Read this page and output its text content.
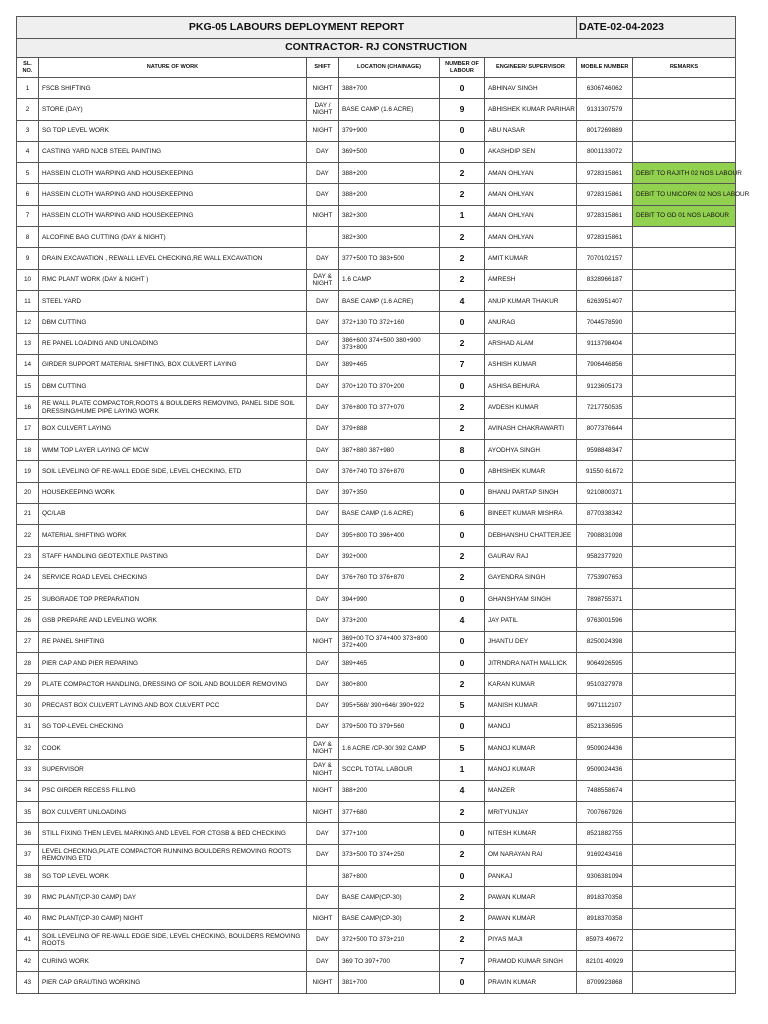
PKG-05 LABOURS DEPLOYMENT REPORT						DATE-02-04-2023	
CONTRACTOR- RJ CONSTRUCTION							
SL. NO.	NATURE OF WORK	SHIFT	LOCATION (CHAINAGE)	NUMBER OF LABOUR	ENGINEER/ SUPERVISOR	MOBILE NUMBER	REMARKS
1	FSCB SHIFTING	NIGHT	388+700	0	ABHINAV SINGH	6306746062	
2	STORE (DAY)	DAY / NIGHT	BASE CAMP (1.6 ACRE)	9	ABHISHEK KUMAR PARIHAR	9131307579	
3	SG TOP LEVEL WORK	NIGHT	379+900	0	ABU NASAR	8017269889	
4	CASTING YARD NJCB STEEL PAINTING	DAY	369+500	0	AKASHDIP SEN	8001133072	
5	HASSEIN CLOTH WARPING AND HOUSEKEEPING	DAY	388+200	2	AMAN OHLYAN	9728315861	DEBIT TO RAJITH 02 NOS LABOUR
6	HASSEIN CLOTH WARPING AND HOUSEKEEPING	DAY	388+200	2	AMAN OHLYAN	9728315861	DEBIT TO UNICORN 02 NOS LABOUR
7	HASSEIN CLOTH WARPING AND HOUSEKEEPING	NIGHT	382+300	1	AMAN OHLYAN	9728315861	DEBIT TO GD 01 NOS LABOUR
8	ALCOFINE BAG CUTTING (DAY & NIGHT)		382+300	2	AMAN OHLYAN	9728315861	
9	DRAIN EXCAVATION , REWALL LEVEL CHECKING,RE WALL EXCAVATION	DAY	377+500 TO 383+500	2	AMIT KUMAR	7070102157	
10	RMC PLANT WORK (DAY & NIGHT )	DAY & NIGHT	1.6 CAMP	2	AMRESH	8328966187	
11	STEEL YARD	DAY	BASE CAMP (1.6 ACRE)	4	ANUP KUMAR THAKUR	6263951407	
12	DBM CUTTING	DAY	372+130 TO 372+160	0	ANURAG	7044578590	
13	RE PANEL LOADING AND UNLOADING	DAY	386+600 374+500 380+900 373+800	2	ARSHAD ALAM	9113798404	
14	GIRDER SUPPORT MATERIAL SHIFTING, BOX CULVERT LAYING	DAY	389+465	7	ASHISH KUMAR	7906446856	
15	DBM CUTTING	DAY	370+120 TO 370+200	0	ASHISA BEHURA	9123605173	
16	RE WALL PLATE COMPACTOR,ROOTS & BOULDERS REMOVING, PANEL SIDE SOIL DRESSING/HUME PIPE LAYING WORK	DAY	376+800 TO 377+070	2	AVDESH KUMAR	7217750535	
17	BOX CULVERT LAYING	DAY	379+888	2	AVINASH CHAKRAWARTI	8077376644	
18	WMM TOP LAYER LAYING OF MCW	DAY	387+880 387+980	8	AYODHYA SINGH	9598848347	
19	SOIL LEVELING OF RE-WALL EDGE SIDE, LEVEL CHECKING, ETD	DAY	376+740 TO 376+870	0	ABHISHEK KUMAR	91550 61672	
20	HOUSEKEEPING WORK	DAY	397+350	0	BHANU PARTAP SINGH	9210800371	
21	QC/LAB	DAY	BASE CAMP (1.6 ACRE)	6	BINEET KUMAR MISHRA	8770338342	
22	MATERIAL SHIFTING WORK	DAY	395+800 TO 396+400	0	DEBHANSHU CHATTERJEE	7908831098	
23	STAFF HANDLING GEOTEXTILE PASTING	DAY	392+000	2	GAURAV RAJ	9582377920	
24	SERVICE ROAD LEVEL CHECKING	DAY	376+760 TO 376+870	2	GAYENDRA SINGH	7753907653	
25	SUBGRADE TOP PREPARATION	DAY	394+990	0	GHANSHYAM SINGH	7898755371	
26	GSB PREPARE AND LEVELING WORK	DAY	373+200	4	JAY PATIL	9763001596	
27	RE PANEL SHIFTING	NIGHT	369+00 TO 374+400 373+800 372+400	0	JHANTU DEY	8250024398	
28	PIER CAP AND PIER REPARING	DAY	389+465	0	JITRNDRA NATH MALLICK	9064926595	
29	PLATE COMPACTOR HANDLING, DRESSING OF SOIL AND BOULDER REMOVING	DAY	380+800	2	KARAN KUMAR	9510327978	
30	PRECAST BOX CULVERT LAYING AND BOX CULVERT PCC	DAY	395+568/ 390+646/ 390+922	5	MANISH KUMAR	9971112107	
31	SG TOP-LEVEL CHECKING	DAY	379+500 TO 379+560	0	MANOJ	8521336595	
32	COOK	DAY & NIGHT	1.6 ACRE /CP-30/ 392 CAMP	5	MANOJ KUMAR	9509024436	
33	SUPERVISOR	DAY & NIGHT	SCCPL TOTAL LABOUR	1	MANOJ KUMAR	9509024436	
34	PSC GIRDER RECESS FILLING	NIGHT	388+200	4	MANZER	7488558674	
35	BOX CULVERT UNLOADING	NIGHT	377+680	2	MRITYUNJAY	7007667926	
36	STILL FIXING THEN LEVEL MARKING AND LEVEL FOR CTGSB & BED CHECKING	DAY	377+100	0	NITESH KUMAR	8521882755	
37	LEVEL CHECKING,PLATE COMPACTOR RUNNING BOULDERS REMOVING ROOTS REMOVING ETD	DAY	373+500 TO 374+250	2	OM NARAYAN RAI	9169243416	
38	SG TOP LEVEL WORK		387+800	0	PANKAJ	9306381094	
39	RMC PLANT(CP-30 CAMP) DAY	DAY	BASE CAMP(CP-30)	2	PAWAN KUMAR	8918370358	
40	RMC PLANT(CP-30 CAMP) NIGHT	NIGHT	BASE CAMP(CP-30)	2	PAWAN KUMAR	8918370358	
41	SOIL LEVELING OF RE-WALL EDGE SIDE, LEVEL CHECKING, BOULDERS REMOVING ROOTS	DAY	372+500 TO 373+210	2	PIYAS MAJI	85973 49672	
42	CURING WORK	DAY	369 TO 397+700	7	PRAMOD KUMAR SINGH	82101 40929	
43	PIER CAP GRAUTING WORKING	NIGHT	381+700	0	PRAVIN KUMAR	8709923868	
